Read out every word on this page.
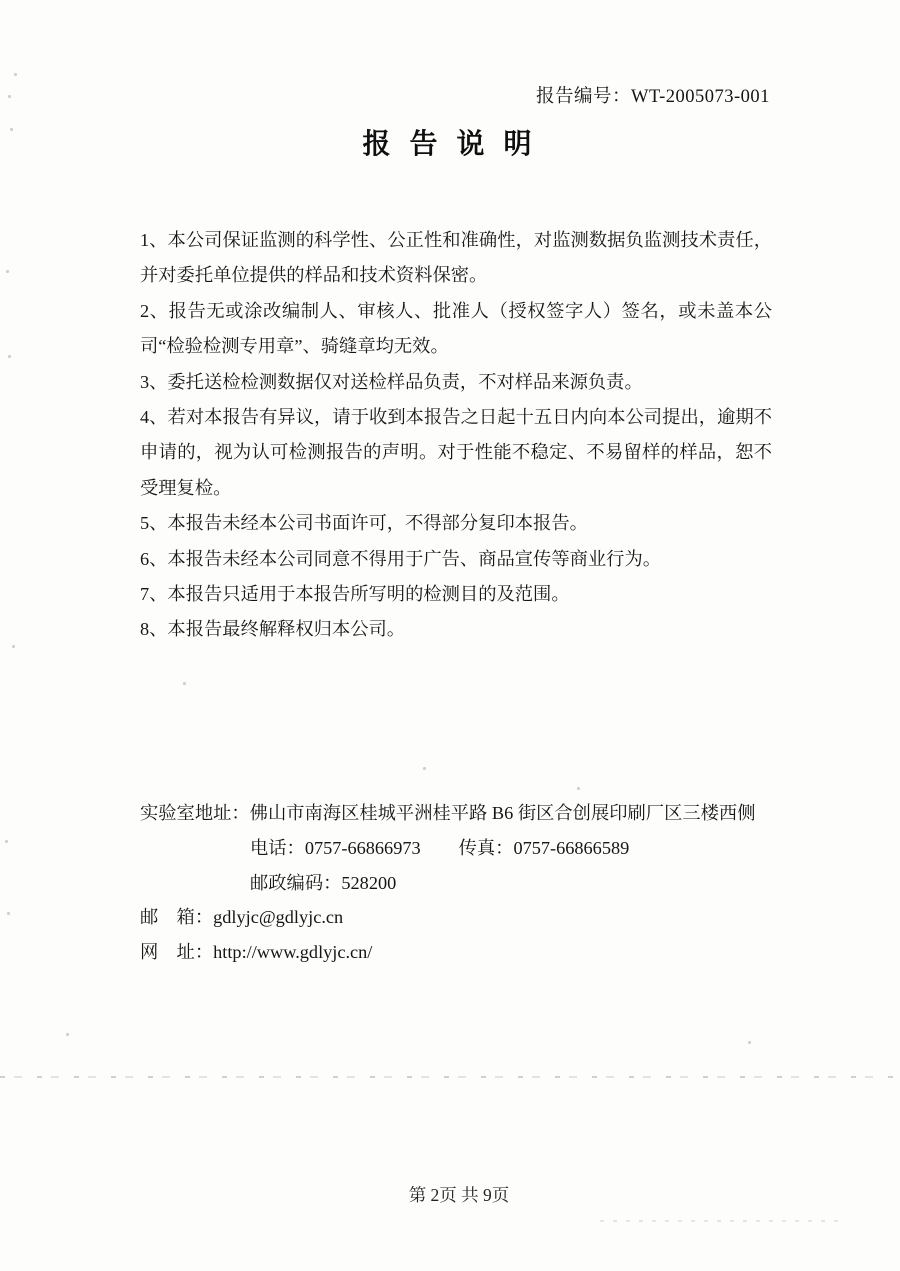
报告编号：WT-2005073-001
报 告 说 明

1、本公司保证监测的科学性、公正性和准确性，对监测数据负监测技术责任，并对委托单位提供的样品和技术资料保密。

2、报告无或涂改编制人、审核人、批准人（授权签字人）签名，或未盖本公司“检验检测专用章”、骑缝章均无效。

3、委托送检检测数据仅对送检样品负责，不对样品来源负责。

4、若对本报告有异议，请于收到本报告之日起十五日内向本公司提出，逾期不申请的，视为认可检测报告的声明。对于性能不稳定、不易留样的样品，恕不受理复检。

5、本报告未经本公司书面许可，不得部分复印本报告。

6、本报告未经本公司同意不得用于广告、商品宣传等商业行为。

7、本报告只适用于本报告所写明的检测目的及范围。

8、本报告最终解释权归本公司。

实验室地址：佛山市南海区桂城平洲桂平路 B6 街区合创展印刷厂区三楼西侧

电话：0757-66866973 传真：0757-66866589

邮政编码：528200

邮　箱：gdlyjc@gdlyjc.cn

网　址：http://www.gdlyjc.cn/

第 2页 共 9页
